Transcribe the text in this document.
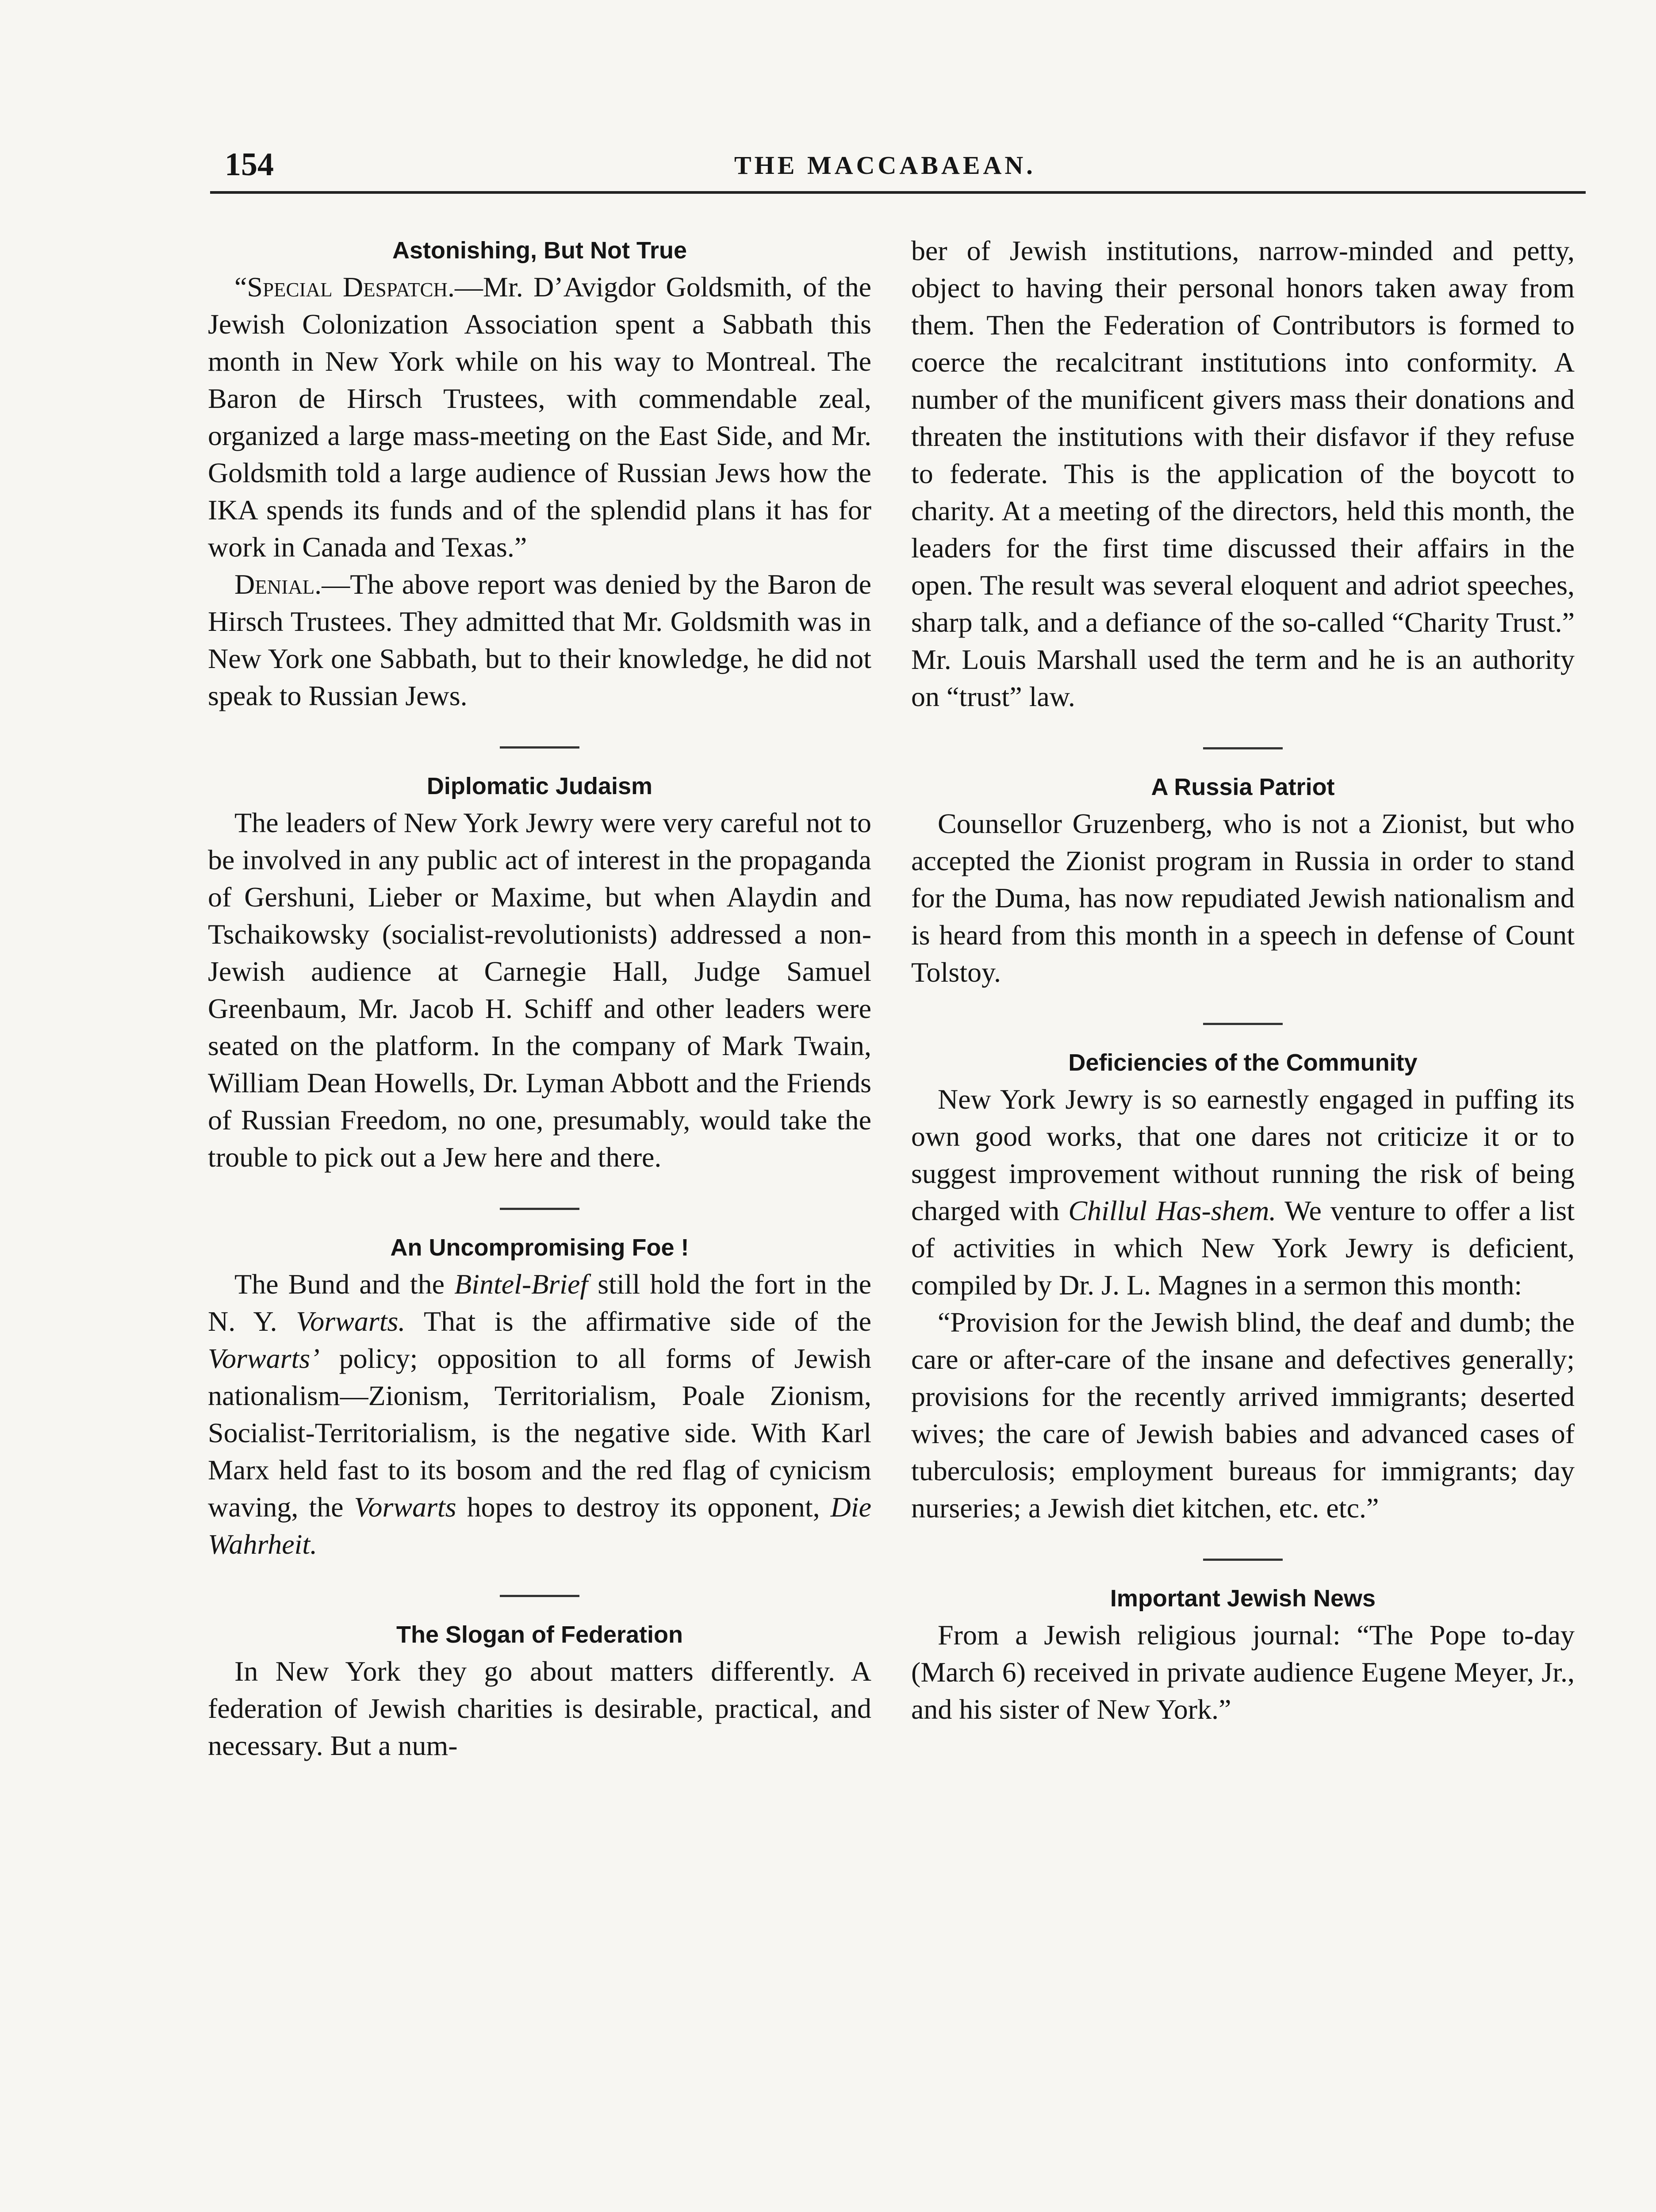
154	THE MACCABAEAN.
Astonishing, But Not True

“Special Despatch.—Mr. D’Avigdor Goldsmith, of the Jewish Colonization Association spent a Sabbath this month in New York while on his way to Montreal. The Baron de Hirsch Trustees, with commendable zeal, organized a large mass-meeting on the East Side, and Mr. Goldsmith told a large audience of Russian Jews how the IKA spends its funds and of the splendid plans it has for work in Canada and Texas.”

Denial.—The above report was denied by the Baron de Hirsch Trustees. They admitted that Mr. Goldsmith was in New York one Sabbath, but to their knowledge, he did not speak to Russian Jews.

Diplomatic Judaism

The leaders of New York Jewry were very careful not to be involved in any public act of interest in the propaganda of Gershuni, Lieber or Maxime, but when Alaydin and Tschaikowsky (socialist-revolutionists) addressed a non-Jewish audience at Carnegie Hall, Judge Samuel Greenbaum, Mr. Jacob H. Schiff and other leaders were seated on the platform. In the company of Mark Twain, William Dean Howells, Dr. Lyman Abbott and the Friends of Russian Freedom, no one, presumably, would take the trouble to pick out a Jew here and there.

An Uncompromising Foe !

The Bund and the Bintel-Brief still hold the fort in the N. Y. Vorwarts. That is the affirmative side of the Vorwarts’ policy; opposition to all forms of Jewish nationalism—Zionism, Territorialism, Poale Zionism, Socialist-Territorialism, is the negative side. With Karl Marx held fast to its bosom and the red flag of cynicism waving, the Vorwarts hopes to destroy its opponent, Die Wahrheit.

The Slogan of Federation

In New York they go about matters differently. A federation of Jewish charities is desirable, practical, and necessary. But a num-

ber of Jewish institutions, narrow-minded and petty, object to having their personal honors taken away from them. Then the Federation of Contributors is formed to coerce the recalcitrant institutions into conformity. A number of the munificent givers mass their donations and threaten the institutions with their disfavor if they refuse to federate. This is the application of the boycott to charity. At a meeting of the directors, held this month, the leaders for the first time discussed their affairs in the open. The result was several eloquent and adriot speeches, sharp talk, and a defiance of the so-called “Charity Trust.” Mr. Louis Marshall used the term and he is an authority on “trust” law.

A Russia Patriot

Counsellor Gruzenberg, who is not a Zionist, but who accepted the Zionist program in Russia in order to stand for the Duma, has now repudiated Jewish nationalism and is heard from this month in a speech in defense of Count Tolstoy.

Deficiencies of the Community

New York Jewry is so earnestly engaged in puffing its own good works, that one dares not criticize it or to suggest improvement without running the risk of being charged with Chillul Has-shem. We venture to offer a list of activities in which New York Jewry is deficient, compiled by Dr. J. L. Magnes in a sermon this month:

“Provision for the Jewish blind, the deaf and dumb; the care or after-care of the insane and defectives generally; provisions for the recently arrived immigrants; deserted wives; the care of Jewish babies and advanced cases of tuberculosis; employment bureaus for immigrants; day nurseries; a Jewish diet kitchen, etc. etc.”

Important Jewish News

From a Jewish religious journal: “The Pope to-day (March 6) received in private audience Eugene Meyer, Jr., and his sister of New York.”
